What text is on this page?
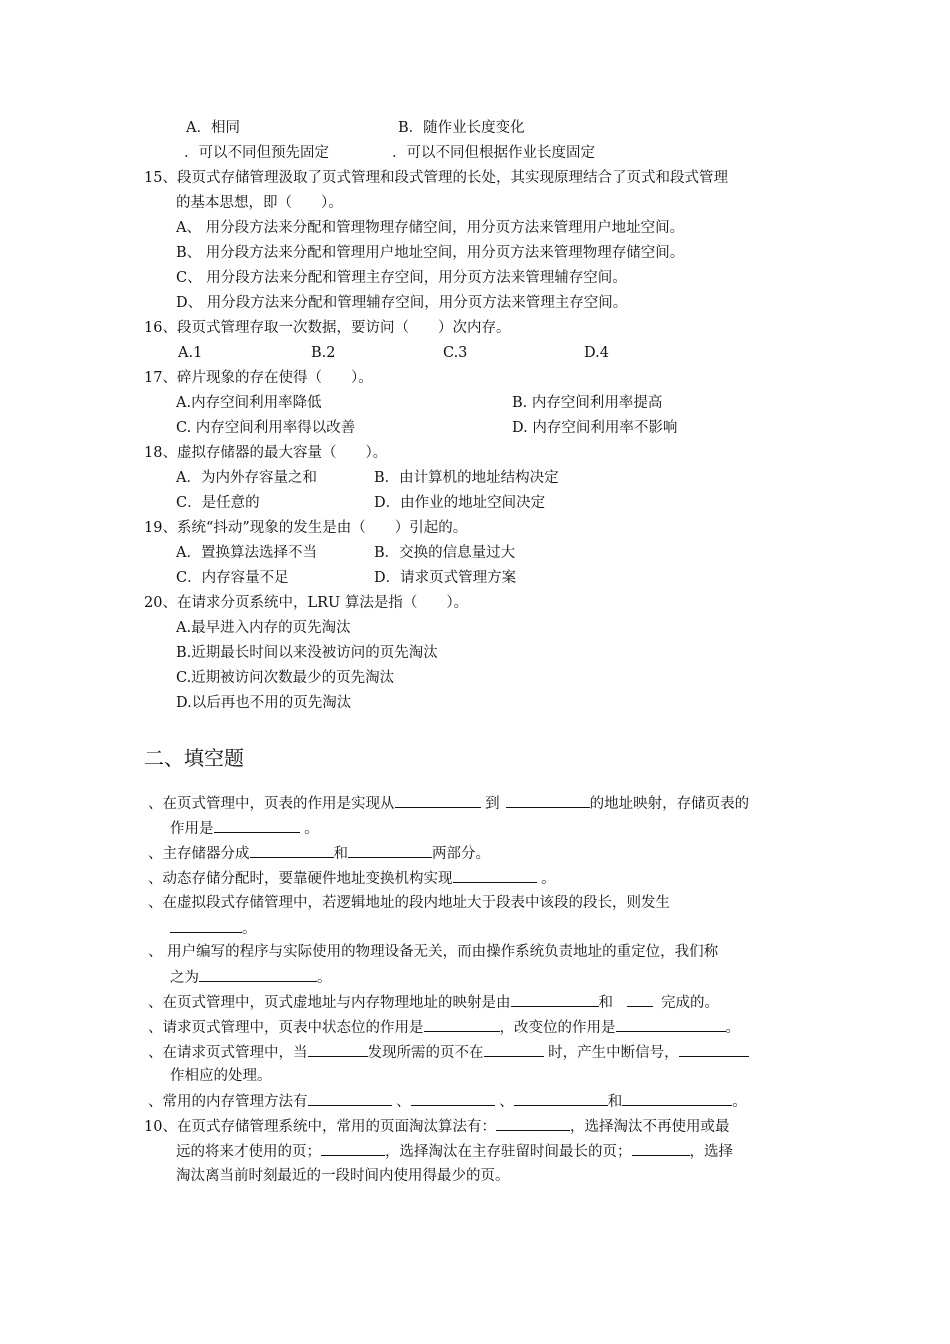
A．相同	B．随作业长度变化
．可以不同但预先固定	．可以不同但根据作业长度固定
15、段页式存储管理汲取了页式管理和段式管理的长处，其实现原理结合了页式和段式管理
的基本思想，即（　　）。
A、 用分段方法来分配和管理物理存储空间，用分页方法来管理用户地址空间。
B、 用分段方法来分配和管理用户地址空间，用分页方法来管理物理存储空间。
C、 用分段方法来分配和管理主存空间，用分页方法来管理辅存空间。
D、 用分段方法来分配和管理辅存空间，用分页方法来管理主存空间。
16、段页式管理存取一次数据，要访问（　　）次内存。
A.1	B.2	C.3	D.4
17、碎片现象的存在使得（　　）。
A.内存空间利用率降低	B. 内存空间利用率提高
C. 内存空间利用率得以改善	D. 内存空间利用率不影响
18、虚拟存储器的最大容量（　　）。
A．为内外存容量之和	B．由计算机的地址结构决定
C．是任意的	D．由作业的地址空间决定
19、系统“抖动”现象的发生是由（　　）引起的。
A．置换算法选择不当	B．交换的信息量过大
C．内存容量不足	D．请求页式管理方案
20、在请求分页系统中，LRU 算法是指（　　）。
A.最早进入内存的页先淘汰
B.近期最长时间以来没被访问的页先淘汰
C.近期被访问次数最少的页先淘汰
D.以后再也不用的页先淘汰
二、填空题
、在页式管理中，页表的作用是实现从	到	的地址映射，存储页表的
作用是	。
、主存储器分成	和	两部分。
、动态存储分配时，要靠硬件地址变换机构实现	。
、在虚拟段式存储管理中，若逻辑地址的段内地址大于段表中该段的段长，则发生
。
、 用户编写的程序与实际使用的物理设备无关，而由操作系统负责地址的重定位，我们称
之为	。
、在页式管理中，页式虚地址与内存物理地址的映射是由	和	完成的。
、请求页式管理中，页表中状态位的作用是	，改变位的作用是	。
、在请求页式管理中，当	发现所需的页不在	时，产生中断信号，
作相应的处理。
、常用的内存管理方法有	、	、	和	。
10、在页式存储管理系统中，常用的页面淘汰算法有：	，选择淘汰不再使用或最
远的将来才使用的页；	，选择淘汰在主存驻留时间最长的页；	，选择
淘汰离当前时刻最近的一段时间内使用得最少的页。
